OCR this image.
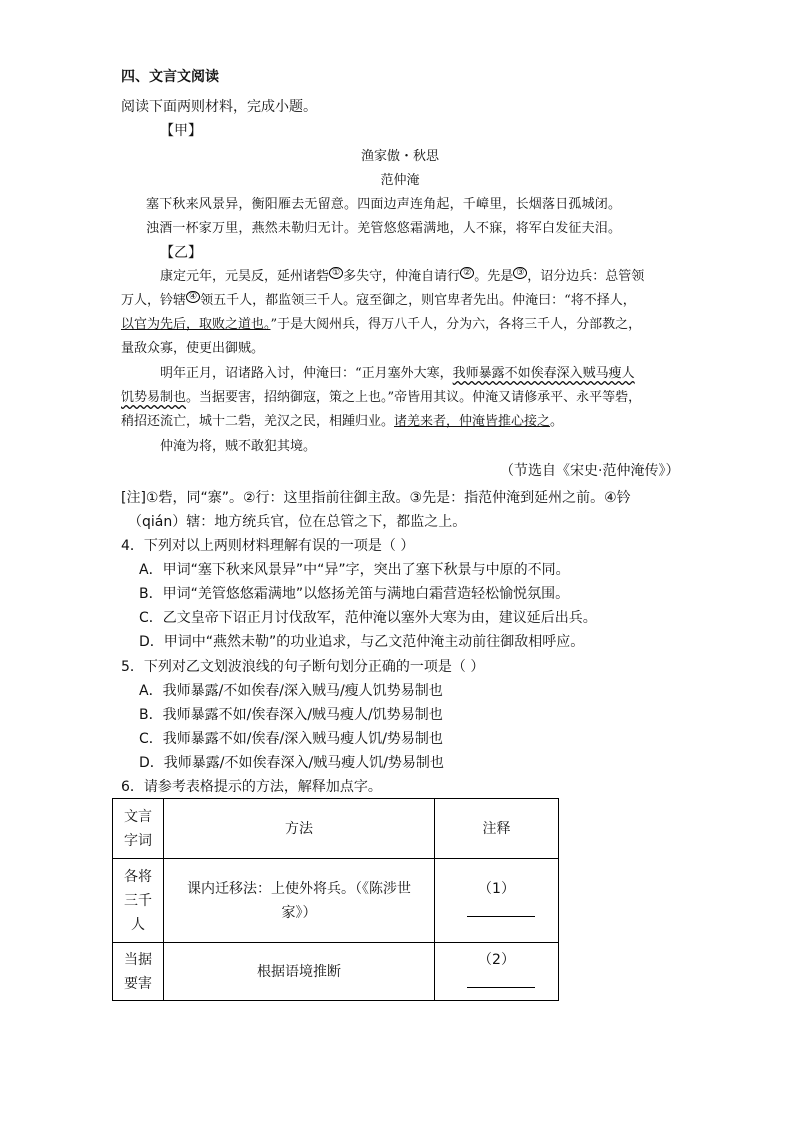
四、文言文阅读
阅读下面两则材料，完成小题。
【甲】
渔家傲・秋思
范仲淹
塞下秋来风景异，衡阳雁去无留意。四面边声连角起，千嶂里，长烟落日孤城闭。
浊酒一杯家万里，燕然未勒归无计。羌管悠悠霜满地，人不寐，将军白发征夫泪。
【乙】
康定元年，元昊反，延州诸砦 ① 多失守，仲淹自请行 ② 。先是 ③ ，诏分边兵：总管领
万人，钤辖 ④ 领五千人，都监领三千人。寇至御之，则官卑者先出。仲淹曰：“将不择人，
以官为先后，取败之道也。”于是大阅州兵，得万八千人，分为六，各将三千人，分部教之，
量敌众寡，使更出御贼。
明年正月，诏诸路入讨，仲淹曰：“正月塞外大寒，我师暴露不如俟春深入贼马瘦人
饥势易制也。当据要害，招纳御寇，策之上也。”帝皆用其议。仲淹又请修承平、永平等砦，
稍招还流亡，城十二砦，羌汉之民，相踵归业。诸羌来者，仲淹皆推心接之。
仲淹为将，贼不敢犯其境。
（节选自《宋史·范仲淹传》）
[注]①砦，同“寨”。②行：这里指前往御主敌。③先是：指范仲淹到延州之前。④钤
（qián）辖：地方统兵官，位在总管之下，都监之上。
4．下列对以上两则材料理解有误的一项是（ ）
A．甲词“塞下秋来风景异”中“异”字，突出了塞下秋景与中原的不同。
B．甲词“羌管悠悠霜满地”以悠扬羌笛与满地白霜营造轻松愉悦氛围。
C．乙文皇帝下诏正月讨伐敌军，范仲淹以塞外大寒为由，建议延后出兵。
D．甲词中“燕然未勒”的功业追求，与乙文范仲淹主动前往御敌相呼应。
5．下列对乙文划波浪线的句子断句划分正确的一项是（ ）
A．我师暴露/不如俟春/深入贼马/瘦人饥势易制也
B．我师暴露不如/俟春深入/贼马瘦人/饥势易制也
C．我师暴露不如/俟春/深入贼马瘦人饥/势易制也
D．我师暴露/不如俟春深入/贼马瘦人饥/势易制也
6．请参考表格提示的方法，解释加点字。
文言
字词	方法	注释
各将
三千
人	课内迁移法：上使外将兵。（《陈涉世
家》）	（1）
当据
要害	根据语境推断	（2）
